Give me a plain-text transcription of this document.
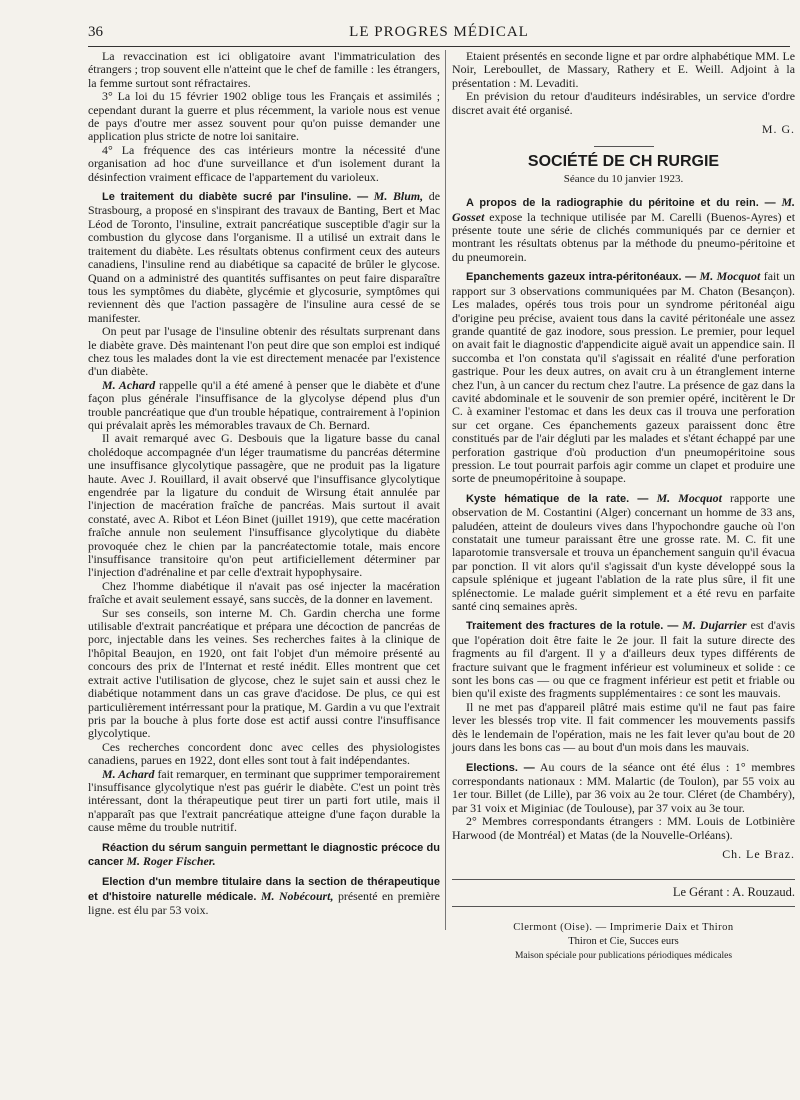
36	LE PROGRES MÉDICAL

La revaccination est ici obligatoire avant l'immatriculation des étrangers ; trop souvent elle n'atteint que le chef de famille : les étrangers, la femme surtout sont réfractaires.

3° La loi du 15 février 1902 oblige tous les Français et assimilés ; cependant durant la guerre et plus récemment, la variole nous est venue de pays d'outre mer assez souvent pour qu'on puisse demander une application plus stricte de notre loi sanitaire.

4° La fréquence des cas intérieurs montre la nécessité d'une organisation ad hoc d'une surveillance et d'un isolement durant la désinfection vraiment efficace de l'appartement du varioleux.

Le traitement du diabète sucré par l'insuline. — M. Blum, de Strasbourg, a proposé en s'inspirant des travaux de Banting, Bert et Mac Léod de Toronto, l'insuline, extrait pancréatique susceptible d'agir sur la combustion du glycose dans l'organisme. Il a utilisé un extrait dans le traitement du diabète. Les résultats obtenus confirment ceux des auteurs canadiens, l'insuline rend au diabétique sa capacité de brûler le glycose. Quand on a administré des quantités suffisantes on peut faire disparaître tous les symptômes du diabète, glycémie et glycosurie, symptômes qui reviennent dès que l'action passagère de l'insuline aura cessé de se manifester.

On peut par l'usage de l'insuline obtenir des résultats surprenant dans le diabète grave. Dès maintenant l'on peut dire que son emploi est indiqué chez tous les malades dont la vie est directement menacée par l'existence d'un diabète.

M. Achard rappelle qu'il a été amené à penser que le diabète et d'une façon plus générale l'insuffisance de la glycolyse dépend plus d'un trouble pancréatique que d'un trouble hépatique, contrairement à l'opinion qui prévalait après les mémorables travaux de Ch. Bernard.

Il avait remarqué avec G. Desbouis que la ligature basse du canal cholédoque accompagnée d'un léger traumatisme du pancréas détermine une insuffisance glycolytique passagère, que ne produit pas la ligature haute. Avec J. Rouillard, il avait observé que l'insuffisance glycolytique engendrée par la ligature du conduit de Wirsung était annulée par l'injection de macération fraîche de pancréas. Mais surtout il avait constaté, avec A. Ribot et Léon Binet (juillet 1919), que cette macération fraîche annule non seulement l'insuffisance glycolytique du diabète provoquée chez le chien par la pancréatectomie totale, mais encore l'insuffisance transitoire qu'on peut artificiellement déterminer par l'injection d'adrénaline et par celle d'extrait hypophysaire.

Chez l'homme diabétique il n'avait pas osé injecter la macération fraîche et avait seulement essayé, sans succès, de la donner en lavement.

Sur ses conseils, son interne M. Ch. Gardin chercha une forme utilisable d'extrait pancréatique et prépara une décoction de pancréas de porc, injectable dans les veines. Ses recherches faites à la clinique de l'hôpital Beaujon, en 1920, ont fait l'objet d'un mémoire présenté au concours des prix de l'Internat et resté inédit. Elles montrent que cet extrait active l'utilisation de glycose, chez le sujet sain et aussi chez le diabétique notamment dans un cas grave d'acidose. De plus, ce qui est particulièrement intérressant pour la pratique, M. Gardin a vu que l'extrait pris par la bouche à plus forte dose est actif aussi contre l'insuffisance glycolytique.

Ces recherches concordent donc avec celles des physiologistes canadiens, parues en 1922, dont elles sont tout à fait indépendantes.

M. Achard fait remarquer, en terminant que supprimer temporairement l'insuffisance glycolytique n'est pas guérir le diabète. C'est un point très intéressant, dont la thérapeutique peut tirer un parti fort utile, mais il n'apparaît pas que l'extrait pancréatique atteigne d'une façon durable la cause même du trouble nutritif.

Réaction du sérum sanguin permettant le diagnostic précoce du cancer M. Roger Fischer.

Election d'un membre titulaire dans la section de thérapeutique et d'histoire naturelle médicale. M. Nobécourt, présenté en première ligne. est élu par 53 voix.

Etaient présentés en seconde ligne et par ordre alphabétique MM. Le Noir, Lereboullet, de Massary, Rathery et E. Weill. Adjoint à la présentation : M. Levaditi.

En prévision du retour d'auditeurs indésirables, un service d'ordre discret avait été organisé.

M. G.
SOCIÉTÉ DE CH RURGIE
Séance du 10 janvier 1923.

A propos de la radiographie du péritoine et du rein. — M. Gosset expose la technique utilisée par M. Carelli (Buenos-Ayres) et présente toute une série de clichés communiqués par ce dernier et montrant les résultats obtenus par la méthode du pneumo-péritoine et du pneumorein.

Epanchements gazeux intra-péritonéaux. — M. Mocquot fait un rapport sur 3 observations communiquées par M. Chaton (Besançon). Les malades, opérés tous trois pour un syndrome péritonéal aigu d'origine peu précise, avaient tous dans la cavité péritonéale une assez grande quantité de gaz inodore, sous pression. Le premier, pour lequel on avait fait le diagnostic d'appendicite aiguë avait un appendice sain. Il succomba et l'on constata qu'il s'agissait en réalité d'une perforation gastrique. Pour les deux autres, on avait cru à un étranglement interne chez l'un, à un cancer du rectum chez l'autre. La présence de gaz dans la cavité abdominale et le souvenir de son premier opéré, incitèrent le Dr C. à examiner l'estomac et dans les deux cas il trouva une perforation sur cet organe. Ces épanchements gazeux paraissent donc être constitués par de l'air dégluti par les malades et s'étant échappé par une perforation gastrique d'où production d'un pneumopéritoine sous pression. Le tout pourrait parfois agir comme un clapet et produire une sorte de pneumopéritoine à soupape.

Kyste hématique de la rate. — M. Mocquot rapporte une observation de M. Costantini (Alger) concernant un homme de 33 ans, paludéen, atteint de douleurs vives dans l'hypochondre gauche où l'on constatait une tumeur paraissant être une grosse rate. M. C. fit une laparotomie transversale et trouva un épanchement sanguin qu'il évacua par ponction. Il vit alors qu'il s'agissait d'un kyste développé sous la capsule splénique et jugeant l'ablation de la rate plus sûre, il fit une splénectomie. Le malade guérit simplement et a été revu en parfaite santé cinq semaines après.

Traitement des fractures de la rotule. — M. Dujarrier est d'avis que l'opération doit être faite le 2e jour. Il fait la suture directe des fragments au fil d'argent. Il y a d'ailleurs deux types différents de fracture suivant que le fragment inférieur est volumineux et solide : ce sont les bons cas — ou que ce fragment inférieur est petit et friable ou bien qu'il existe des fragments supplémentaires : ce sont les mauvais.

Il ne met pas d'appareil plâtré mais estime qu'il ne faut pas faire lever les blessés trop vite. Il fait commencer les mouvements passifs dès le lendemain de l'opération, mais ne les fait lever qu'au bout de 20 jours dans les bons cas — au bout d'un mois dans les mauvais.

Elections. — Au cours de la séance ont été élus : 1° membres correspondants nationaux : MM. Malartic (de Toulon), par 55 voix au 1er tour. Billet (de Lille), par 36 voix au 2e tour. Cléret (de Chambéry), par 31 voix et Miginiac (de Toulouse), par 37 voix au 3e tour.

2° Membres correspondants étrangers : MM. Louis de Lotbinière Harwood (de Montréal) et Matas (de la Nouvelle-Orléans).

Ch. Le Braz.
Le Gérant : A. Rouzaud.
Clermont (Oise). — Imprimerie Daix et Thiron
Thiron et Cie, Succes eurs
Maison spéciale pour publications périodiques médicales
